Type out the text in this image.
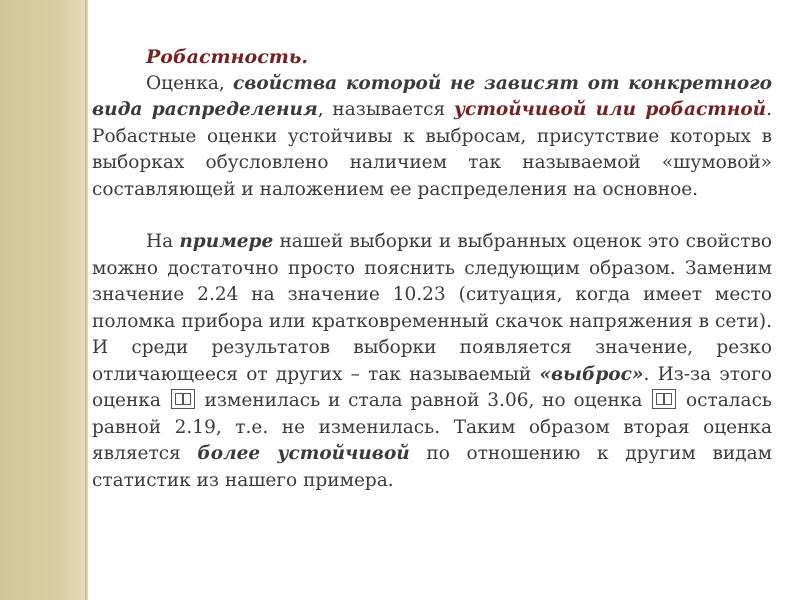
Робастность.

Оценка, свойства которой не зависят от конкретного вида распределения, называется устойчивой или робастной. Робастные оценки устойчивы к выбросам, присутствие которых в выборках обусловлено наличием так называемой «шумовой» составляющей и наложением ее распределения на основное.

На примере нашей выборки и выбранных оценок это свойство можно достаточно просто пояснить следующим образом. Заменим значение 2.24 на значение 10.23 (ситуация, когда имеет место поломка прибора или кратковременный скачок напряжения в сети). И среди результатов выборки появляется значение, резко отличающееся от других – так называемый «выброс». Из-за этого оценка  изменилась и стала равной 3.06, но оценка  осталась равной 2.19, т.е. не изменилась. Таким образом вторая оценка является более устойчивой по отношению к другим видам статистик из нашего примера.
